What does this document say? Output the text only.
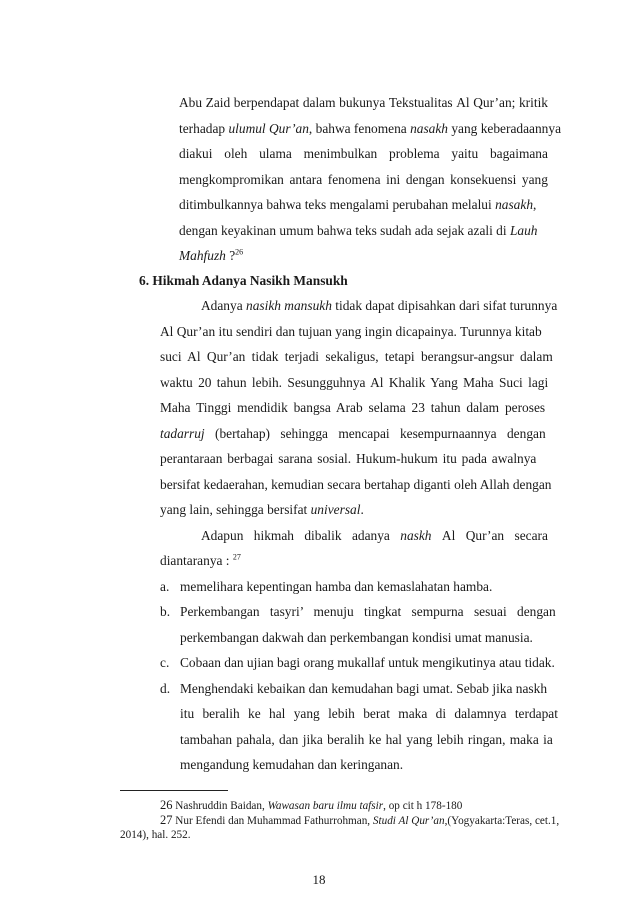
Abu Zaid berpendapat dalam bukunya Tekstualitas Al Qur’an; kritik
terhadap ulumul Qur’an, bahwa fenomena nasakh yang keberadaannya
diakui oleh ulama menimbulkan problema yaitu bagaimana
mengkompromikan antara fenomena ini dengan konsekuensi yang
ditimbulkannya bahwa teks mengalami perubahan melalui nasakh,
dengan keyakinan umum bahwa teks sudah ada sejak azali di Lauh
Mahfuzh ?$^{26}$
6. Hikmah Adanya Nasikh Mansukh
Adanya nasikh mansukh tidak dapat dipisahkan dari sifat turunnya
Al Qur’an itu sendiri dan tujuan yang ingin dicapainya. Turunnya kitab
suci Al Qur’an tidak terjadi sekaligus, tetapi berangsur-angsur dalam
waktu 20 tahun lebih. Sesungguhnya Al Khalik Yang Maha Suci lagi
Maha Tinggi mendidik bangsa Arab selama 23 tahun dalam peroses
tadarruj (bertahap) sehingga mencapai kesempurnaannya dengan
perantaraan berbagai sarana sosial. Hukum-hukum itu pada awalnya
bersifat kedaerahan, kemudian secara bertahap diganti oleh Allah dengan
yang lain, sehingga bersifat universal.
Adapun hikmah dibalik adanya naskh Al Qur’an secara
diantaranya : $^{27}$
a. memelihara kepentingan hamba dan kemaslahatan hamba.
b. Perkembangan tasyri’ menuju tingkat sempurna sesuai dengan
perkembangan dakwah dan perkembangan kondisi umat manusia.
c. Cobaan dan ujian bagi orang mukallaf untuk mengikutinya atau tidak.
d. Menghendaki kebaikan dan kemudahan bagi umat. Sebab jika naskh
itu beralih ke hal yang lebih berat maka di dalamnya terdapat
tambahan pahala, dan jika beralih ke hal yang lebih ringan, maka ia
mengandung kemudahan dan keringanan.
26 Nashruddin Baidan, Wawasan baru ilmu tafsir, op cit h 178-180
27 Nur Efendi dan Muhammad Fathurrohman, Studi Al Qur’an,(Yogyakarta:Teras, cet.1,
2014), hal. 252.
18
